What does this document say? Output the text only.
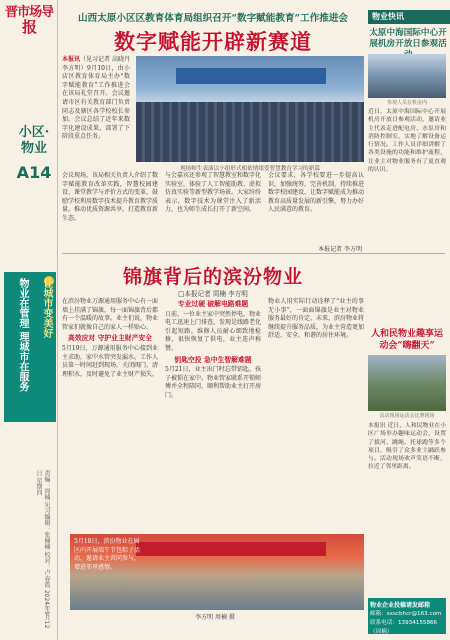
晋市场导
报
小区·物业
A14
物业在管理 理城市在服务	让城市变美好
责编：周楠 见习编辑：张楠楠 校对：卢春霞 2024年9月12日 星期四
山西太原小区区教育体育局组织召开“数字赋能教育”工作推进会
数字赋能开辟新赛道
本报讯（见习记者 高晓丹 李方明）9月10日，由小店区教育体育局主办“数字赋能教育”工作推进会在该局礼堂召开。会议邀请市区有关教育部门负责同志及辖区各学校校长参加。会议总结了近年来数字化建设成果，部署了下阶段重点任务。
现场师生表演以小组形式相依情绪爱智慧教育学习的新篇
会议现场，该局相关负责人介绍了数字赋能教育改革实践，智慧校园建设、课堂教学与评价方式的变革，鼓励学校利用数字技术提升教育教学质量，推动优质资源共享，打造教育新生态。
与会嘉宾还参观了智慧教室和数字化实验室，体验了人工智能助教、虚拟仿真实验等新型教学场景。大家纷纷表示，数字技术为课堂注入了新活力，也为师生成长打开了新空间。
会议要求，各学校要进一步提高认识，加强统筹，完善机制，持续推进数字校园建设，让数字赋能成为推动教育高质量发展的新引擎，努力办好人民满意的教育。
本报记者 李方明
锦旗背后的滨汾物业
□本报记者 周楠 李方明
在滨汾物业万源通用服务中心有一面墙上挂满了锦旗，每一面锦旗背后都有一个温暖的故事。业主们说，物业管家们就像自己的家人一样贴心。
高效应对 守护业主财产安全
5月19日，万源通用服务中心接到业主求助，家中水管突发漏水。工作人员第一时间赶到现场，关闭阀门、清理积水，及时避免了业主财产损失。
专业过硬 破解电路难题
日前，一位业主家中突然停电，物业电工迅速上门排查，发现是线路老化引起短路。维修人员耐心细致地检修，很快恢复了供电，业主连声称赞。
钥匙空投 急中生智解难题
5月21日，业主出门时忘带钥匙，孩子被锁在家中。物业管家联系开锁师傅并全程陪同，顺利帮助业主打开房门。
物业人用实际行动诠释了“业主的事无小事”，一面面锦旗是业主对物业服务最好的肯定。未来，滨汾物业将继续提升服务品质，为业主营造更加舒适、安全、和谐的居住环境。
5月18日，滨汾物业在园区内开展端午节包粽子活动，邀请业主共同参与，增进邻里感情。
李方明 周楠 摄
物业快讯
太原中海国际中心开展机房开放日参观活
参观人员在机房内
近日，太原中海国际中心开展机房开放日参观活动，邀请业主代表走进配电房、水泵房和消防控制室，实地了解设备运行情况。工作人员详细讲解了各类设施的功能和维护流程，让业主对物业服务有了更直观的认识。
人和民物业趣享运动会“嗨翻天”
活动现场运动会比赛现场
本报讯 近日，人和民物业在小区广场举办趣味运动会，设置了拔河、跳绳、托球跑等多个项目，吸引了众多业主踊跃参与。活动现场欢声笑语不断，拉近了邻里距离。
物业企业投稿请发邮箱
邮箱：sxscbhcr@163.com
联系电话：13934155866（周楠）
